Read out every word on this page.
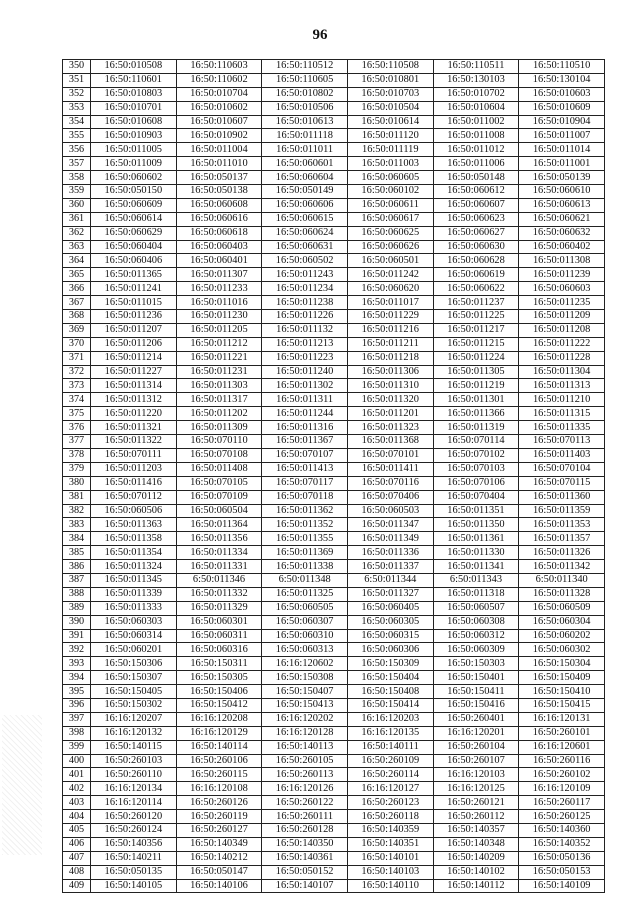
96
350	16:50:010508	16:50:110603	16:50:110512	16:50:110508	16:50:110511	16:50:110510
351	16:50:110601	16:50:110602	16:50:110605	16:50:010801	16:50:130103	16:50:130104
352	16:50:010803	16:50:010704	16:50:010802	16:50:010703	16:50:010702	16:50:010603
353	16:50:010701	16:50:010602	16:50:010506	16:50:010504	16:50:010604	16:50:010609
354	16:50:010608	16:50:010607	16:50:010613	16:50:010614	16:50:011002	16:50:010904
355	16:50:010903	16:50:010902	16:50:011118	16:50:011120	16:50:011008	16:50:011007
356	16:50:011005	16:50:011004	16:50:011011	16:50:011119	16:50:011012	16:50:011014
357	16:50:011009	16:50:011010	16:50:060601	16:50:011003	16:50:011006	16:50:011001
358	16:50:060602	16:50:050137	16:50:060604	16:50:060605	16:50:050148	16:50:050139
359	16:50:050150	16:50:050138	16:50:050149	16:50:060102	16:50:060612	16:50:060610
360	16:50:060609	16:50:060608	16:50:060606	16:50:060611	16:50:060607	16:50:060613
361	16:50:060614	16:50:060616	16:50:060615	16:50:060617	16:50:060623	16:50:060621
362	16:50:060629	16:50:060618	16:50:060624	16:50:060625	16:50:060627	16:50:060632
363	16:50:060404	16:50:060403	16:50:060631	16:50:060626	16:50:060630	16:50:060402
364	16:50:060406	16:50:060401	16:50:060502	16:50:060501	16:50:060628	16:50:011308
365	16:50:011365	16:50:011307	16:50:011243	16:50:011242	16:50:060619	16:50:011239
366	16:50:011241	16:50:011233	16:50:011234	16:50:060620	16:50:060622	16:50:060603
367	16:50:011015	16:50:011016	16:50:011238	16:50:011017	16:50:011237	16:50:011235
368	16:50:011236	16:50:011230	16:50:011226	16:50:011229	16:50:011225	16:50:011209
369	16:50:011207	16:50:011205	16:50:011132	16:50:011216	16:50:011217	16:50:011208
370	16:50:011206	16:50:011212	16:50:011213	16:50:011211	16:50:011215	16:50:011222
371	16:50:011214	16:50:011221	16:50:011223	16:50:011218	16:50:011224	16:50:011228
372	16:50:011227	16:50:011231	16:50:011240	16:50:011306	16:50:011305	16:50:011304
373	16:50:011314	16:50:011303	16:50:011302	16:50:011310	16:50:011219	16:50:011313
374	16:50:011312	16:50:011317	16:50:011311	16:50:011320	16:50:011301	16:50:011210
375	16:50:011220	16:50:011202	16:50:011244	16:50:011201	16:50:011366	16:50:011315
376	16:50:011321	16:50:011309	16:50:011316	16:50:011323	16:50:011319	16:50:011335
377	16:50:011322	16:50:070110	16:50:011367	16:50:011368	16:50:070114	16:50:070113
378	16:50:070111	16:50:070108	16:50:070107	16:50:070101	16:50:070102	16:50:011403
379	16:50:011203	16:50:011408	16:50:011413	16:50:011411	16:50:070103	16:50:070104
380	16:50:011416	16:50:070105	16:50:070117	16:50:070116	16:50:070106	16:50:070115
381	16:50:070112	16:50:070109	16:50:070118	16:50:070406	16:50:070404	16:50:011360
382	16:50:060506	16:50:060504	16:50:011362	16:50:060503	16:50:011351	16:50:011359
383	16:50:011363	16:50:011364	16:50:011352	16:50:011347	16:50:011350	16:50:011353
384	16:50:011358	16:50:011356	16:50:011355	16:50:011349	16:50:011361	16:50:011357
385	16:50:011354	16:50:011334	16:50:011369	16:50:011336	16:50:011330	16:50:011326
386	16:50:011324	16:50:011331	16:50:011338	16:50:011337	16:50:011341	16:50:011342
387	16:50:011345	6:50:011346	6:50:011348	6:50:011344	6:50:011343	6:50:011340
388	16:50:011339	16:50:011332	16:50:011325	16:50:011327	16:50:011318	16:50:011328
389	16:50:011333	16:50:011329	16:50:060505	16:50:060405	16:50:060507	16:50:060509
390	16:50:060303	16:50:060301	16:50:060307	16:50:060305	16:50:060308	16:50:060304
391	16:50:060314	16:50:060311	16:50:060310	16:50:060315	16:50:060312	16:50:060202
392	16:50:060201	16:50:060316	16:50:060313	16:50:060306	16:50:060309	16:50:060302
393	16:50:150306	16:50:150311	16:16:120602	16:50:150309	16:50:150303	16:50:150304
394	16:50:150307	16:50:150305	16:50:150308	16:50:150404	16:50:150401	16:50:150409
395	16:50:150405	16:50:150406	16:50:150407	16:50:150408	16:50:150411	16:50:150410
396	16:50:150302	16:50:150412	16:50:150413	16:50:150414	16:50:150416	16:50:150415
397	16:16:120207	16:16:120208	16:16:120202	16:16:120203	16:50:260401	16:16:120131
398	16:16:120132	16:16:120129	16:16:120128	16:16:120135	16:16:120201	16:50:260101
399	16:50:140115	16:50:140114	16:50:140113	16:50:140111	16:50:260104	16:16:120601
400	16:50:260103	16:50:260106	16:50:260105	16:50:260109	16:50:260107	16:50:260116
401	16:50:260110	16:50:260115	16:50:260113	16:50:260114	16:16:120103	16:50:260102
402	16:16:120134	16:16:120108	16:16:120126	16:16:120127	16:16:120125	16:16:120109
403	16:16:120114	16:50:260126	16:50:260122	16:50:260123	16:50:260121	16:50:260117
404	16:50:260120	16:50:260119	16:50:260111	16:50:260118	16:50:260112	16:50:260125
405	16:50:260124	16:50:260127	16:50:260128	16:50:140359	16:50:140357	16:50:140360
406	16:50:140356	16:50:140349	16:50:140350	16:50:140351	16:50:140348	16:50:140352
407	16:50:140211	16:50:140212	16:50:140361	16:50:140101	16:50:140209	16:50:050136
408	16:50:050135	16:50:050147	16:50:050152	16:50:140103	16:50:140102	16:50:050153
409	16:50:140105	16:50:140106	16:50:140107	16:50:140110	16:50:140112	16:50:140109
